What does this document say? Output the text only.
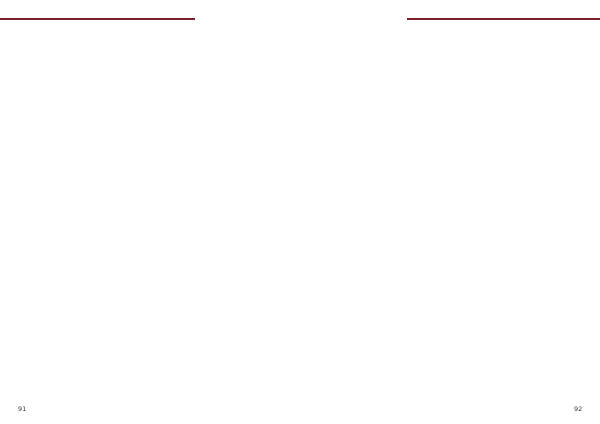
91	92
